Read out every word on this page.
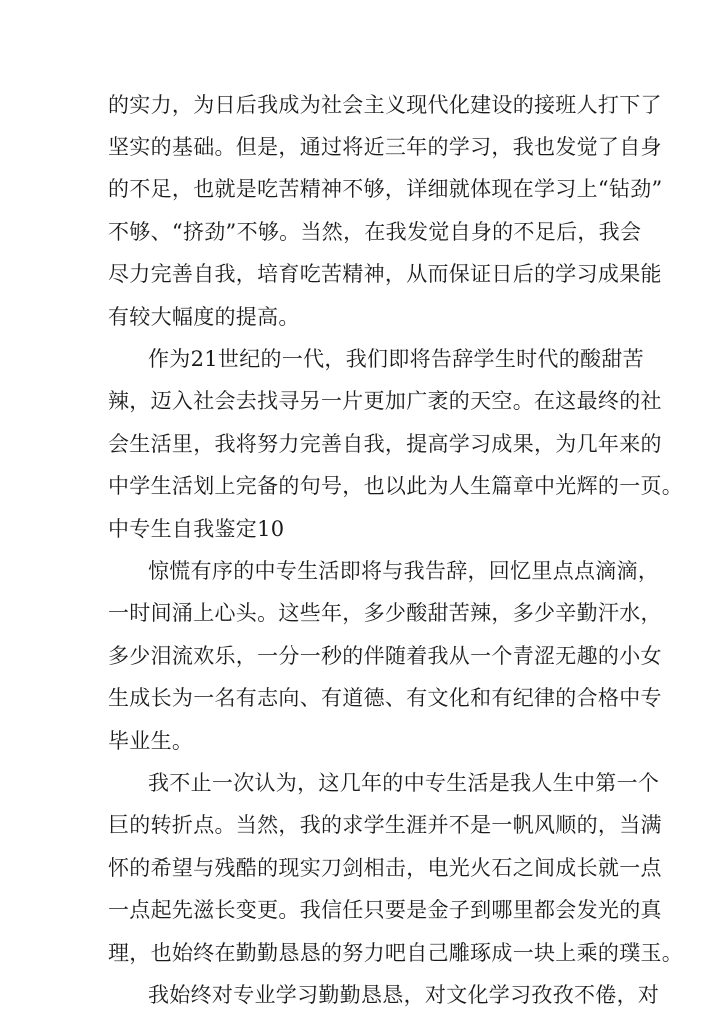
的实力，为日后我成为社会主义现代化建设的接班人打下了
坚实的基础。但是，通过将近三年的学习，我也发觉了自身
的不足，也就是吃苦精神不够，详细就体现在学习上“钻劲”
不够、“挤劲”不够。当然，在我发觉自身的不足后，我会
尽力完善自我，培育吃苦精神，从而保证日后的学习成果能
有较大幅度的提高。
作为21世纪的一代，我们即将告辞学生时代的酸甜苦
辣，迈入社会去找寻另一片更加广袤的天空。在这最终的社
会生活里，我将努力完善自我，提高学习成果，为几年来的
中学生活划上完备的句号，也以此为人生篇章中光辉的一页。
中专生自我鉴定10
惊慌有序的中专生活即将与我告辞，回忆里点点滴滴，
一时间涌上心头。这些年，多少酸甜苦辣，多少辛勤汗水，
多少泪流欢乐，一分一秒的伴随着我从一个青涩无趣的小女
生成长为一名有志向、有道德、有文化和有纪律的合格中专
毕业生。
我不止一次认为，这几年的中专生活是我人生中第一个
巨的转折点。当然，我的求学生涯并不是一帆风顺的，当满
怀的希望与残酷的现实刀剑相击，电光火石之间成长就一点
一点起先滋长变更。我信任只要是金子到哪里都会发光的真
理，也始终在勤勤恳恳的努力吧自己雕琢成一块上乘的璞玉。
我始终对专业学习勤勤恳恳，对文化学习孜孜不倦，对
